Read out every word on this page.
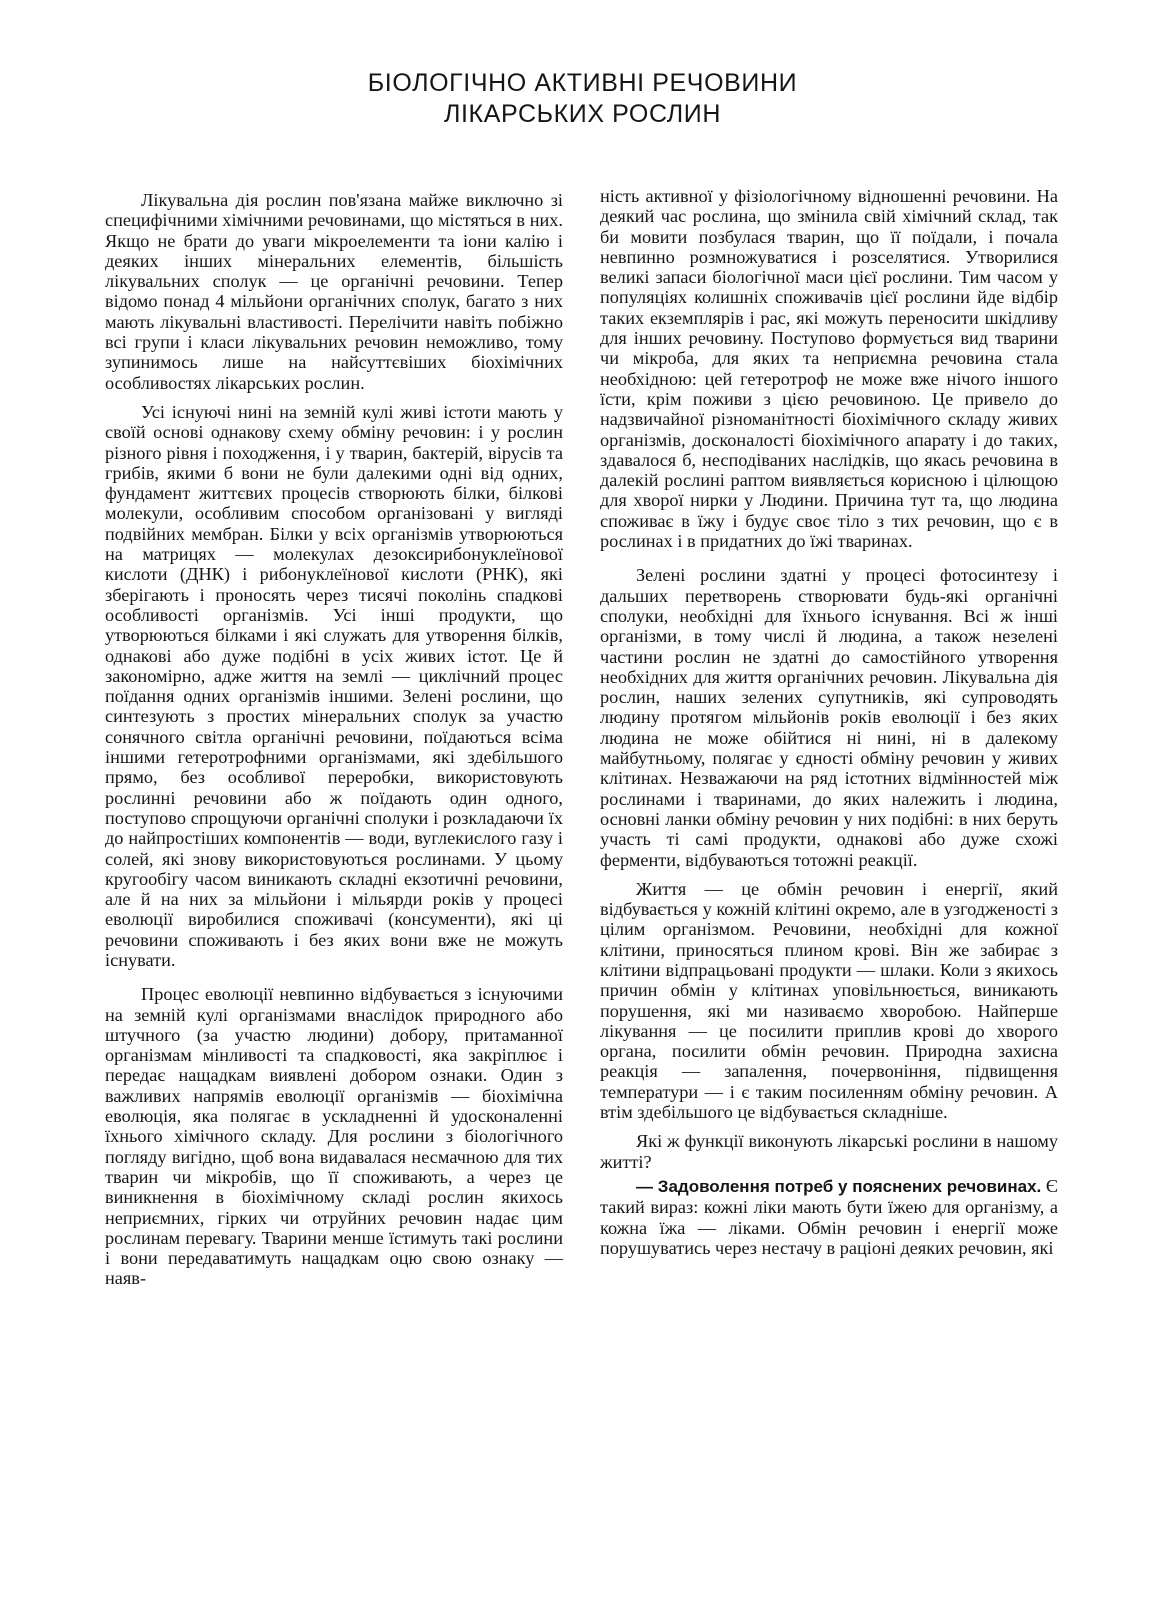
БІОЛОГІЧНО АКТИВНІ РЕЧОВИНИ
ЛІКАРСЬКИХ РОСЛИН

Лікувальна дія рослин пов'язана майже виключно зі специфічними хімічними речовинами, що містяться в них. Якщо не брати до уваги мікроелементи та іони калію і деяких інших мінеральних елементів, більшість лікувальних сполук — це органічні речовини. Тепер відомо понад 4 мільйони органічних сполук, багато з них мають лікувальні властивості. Перелічити навіть побіжно всі групи і класи лікувальних речовин неможливо, тому зупинимось лише на найсуттєвіших біохімічних особливостях лікарських рослин.

Усі існуючі нині на земній кулі живі істоти мають у своїй основі однакову схему обміну речовин: і у рослин різного рівня і походження, і у тварин, бактерій, вірусів та грибів, якими б вони не були далекими одні від одних, фундамент життєвих процесів створюють білки, білкові молекули, особливим способом організовані у вигляді подвійних мембран. Білки у всіх організмів утворюються на матрицях — молекулах дезоксирибонуклеїнової кислоти (ДНК) і рибонуклеїнової кислоти (РНК), які зберігають і проносять через тисячі поколінь спадкові особливості організмів. Усі інші продукти, що утворюються білками і які служать для утворення білків, однакові або дуже подібні в усіх живих істот. Це й закономірно, адже життя на землі — циклічний процес поїдання одних організмів іншими. Зелені рослини, що синтезують з простих мінеральних сполук за участю сонячного світла органічні речовини, поїдаються всіма іншими гетеротрофними організмами, які здебільшого прямо, без особливої переробки, використовують рослинні речовини або ж поїдають один одного, поступово спрощуючи органічні сполуки і розкладаючи їх до найпростіших компонентів — води, вуглекислого газу і солей, які знову використовуються рослинами. У цьому кругообігу часом виникають складні екзотичні речовини, але й на них за мільйони і мільярди років у процесі еволюції виробилися споживачі (консументи), які ці речовини споживають і без яких вони вже не можуть існувати.

Процес еволюції невпинно відбувається з існуючими на земній кулі організмами внаслідок природного або штучного (за участю людини) добору, притаманної організмам мінливості та спадковості, яка закріплює і передає нащадкам виявлені добором ознаки. Один з важливих напрямів еволюції організмів — біохімічна еволюція, яка полягає в ускладненні й удосконаленні їхнього хімічного складу. Для рослини з біологічного погляду вигідно, щоб вона видавалася несмачною для тих тварин чи мікробів, що її споживають, а через це виникнення в біохімічному складі рослин якихось неприємних, гірких чи отруйних речовин надає цим рослинам перевагу. Тварини менше їстимуть такі рослини і вони передаватимуть нащадкам оцю свою ознаку — наяв-

ність активної у фізіологічному відношенні речовини. На деякий час рослина, що змінила свій хімічний склад, так би мовити позбулася тварин, що її поїдали, і почала невпинно розмножуватися і розселятися. Утворилися великі запаси біологічної маси цієї рослини. Тим часом у популяціях колишніх споживачів цієї рослини йде відбір таких екземплярів і рас, які можуть переносити шкідливу для інших речовину. Поступово формується вид тварини чи мікроба, для яких та неприємна речовина стала необхідною: цей гетеротроф не може вже нічого іншого їсти, крім поживи з цією речовиною. Це привело до надзвичайної різноманітності біохімічного складу живих організмів, досконалості біохімічного апарату і до таких, здавалося б, несподіваних наслідків, що якась речовина в далекій рослині раптом виявляється корисною і цілющою для хворої нирки у Людини. Причина тут та, що людина споживає в їжу і будує своє тіло з тих речовин, що є в рослинах і в придатних до їжі тваринах.

Зелені рослини здатні у процесі фотосинтезу і дальших перетворень створювати будь-які органічні сполуки, необхідні для їхнього існування. Всі ж інші організми, в тому числі й людина, а також незелені частини рослин не здатні до самостійного утворення необхідних для життя органічних речовин. Лікувальна дія рослин, наших зелених супутників, які супроводять людину протягом мільйонів років еволюції і без яких людина не може обійтися ні нині, ні в далекому майбутньому, полягає у єдності обміну речовин у живих клітинах. Незважаючи на ряд істотних відмінностей між рослинами і тваринами, до яких належить і людина, основні ланки обміну речовин у них подібні: в них беруть участь ті самі продукти, однакові або дуже схожі ферменти, відбуваються тотожні реакції.

Життя — це обмін речовин і енергії, який відбувається у кожній клітині окремо, але в узгодженості з цілим організмом. Речовини, необхідні для кожної клітини, приносяться плином крові. Він же забирає з клітини відпрацьовані продукти — шлаки. Коли з якихось причин обмін у клітинах уповільнюється, виникають порушення, які ми називаємо хворобою. Найперше лікування — це посилити приплив крові до хворого органа, посилити обмін речовин. Природна захисна реакція — запалення, почервоніння, підвищення температури — і є таким посиленням обміну речовин. А втім здебільшого це відбувається складніше.

Які ж функції виконують лікарські рослини в нашому житті?

— Задоволення потреб у пояснених речовинах. Є такий вираз: кожні ліки мають бути їжею для організму, а кожна їжа — ліками. Обмін речовин і енергії може порушуватись через нестачу в раціоні деяких речовин, які
